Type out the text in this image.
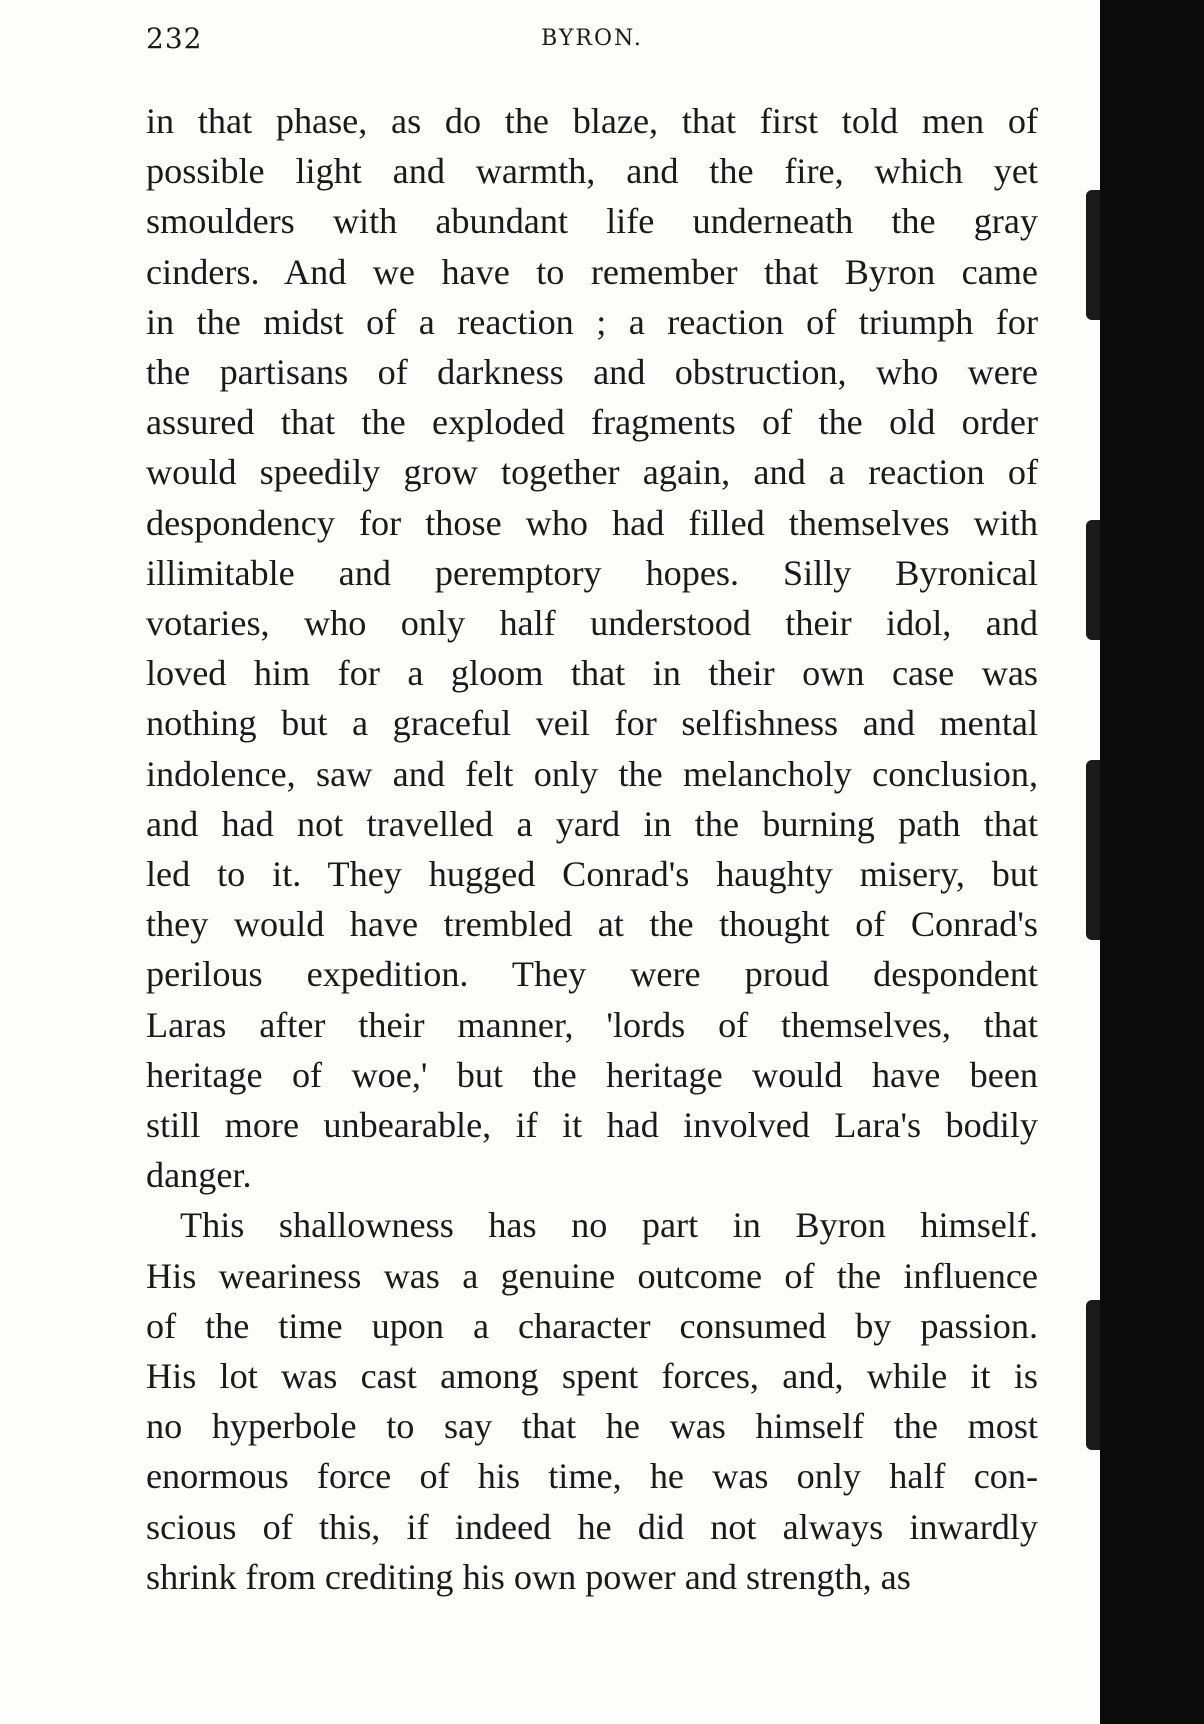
232	BYRON.

in that phase, as do the blaze, that first told men of
possible light and warmth, and the fire, which yet
smoulders with abundant life underneath the gray
cinders. And we have to remember that Byron came
in the midst of a reaction ; a reaction of triumph for
the partisans of darkness and obstruction, who were
assured that the exploded fragments of the old order
would speedily grow together again, and a reaction of
despondency for those who had filled themselves with
illimitable and peremptory hopes. Silly Byronical
votaries, who only half understood their idol, and
loved him for a gloom that in their own case was
nothing but a graceful veil for selfishness and mental
indolence, saw and felt only the melancholy conclusion,
and had not travelled a yard in the burning path that
led to it. They hugged Conrad's haughty misery, but
they would have trembled at the thought of Conrad's
perilous expedition. They were proud despondent
Laras after their manner, 'lords of themselves, that
heritage of woe,' but the heritage would have been
still more unbearable, if it had involved Lara's bodily
danger.

This shallowness has no part in Byron himself.
His weariness was a genuine outcome of the influence
of the time upon a character consumed by passion.
His lot was cast among spent forces, and, while it is
no hyperbole to say that he was himself the most
enormous force of his time, he was only half con-
scious of this, if indeed he did not always inwardly
shrink from crediting his own power and strength, as
